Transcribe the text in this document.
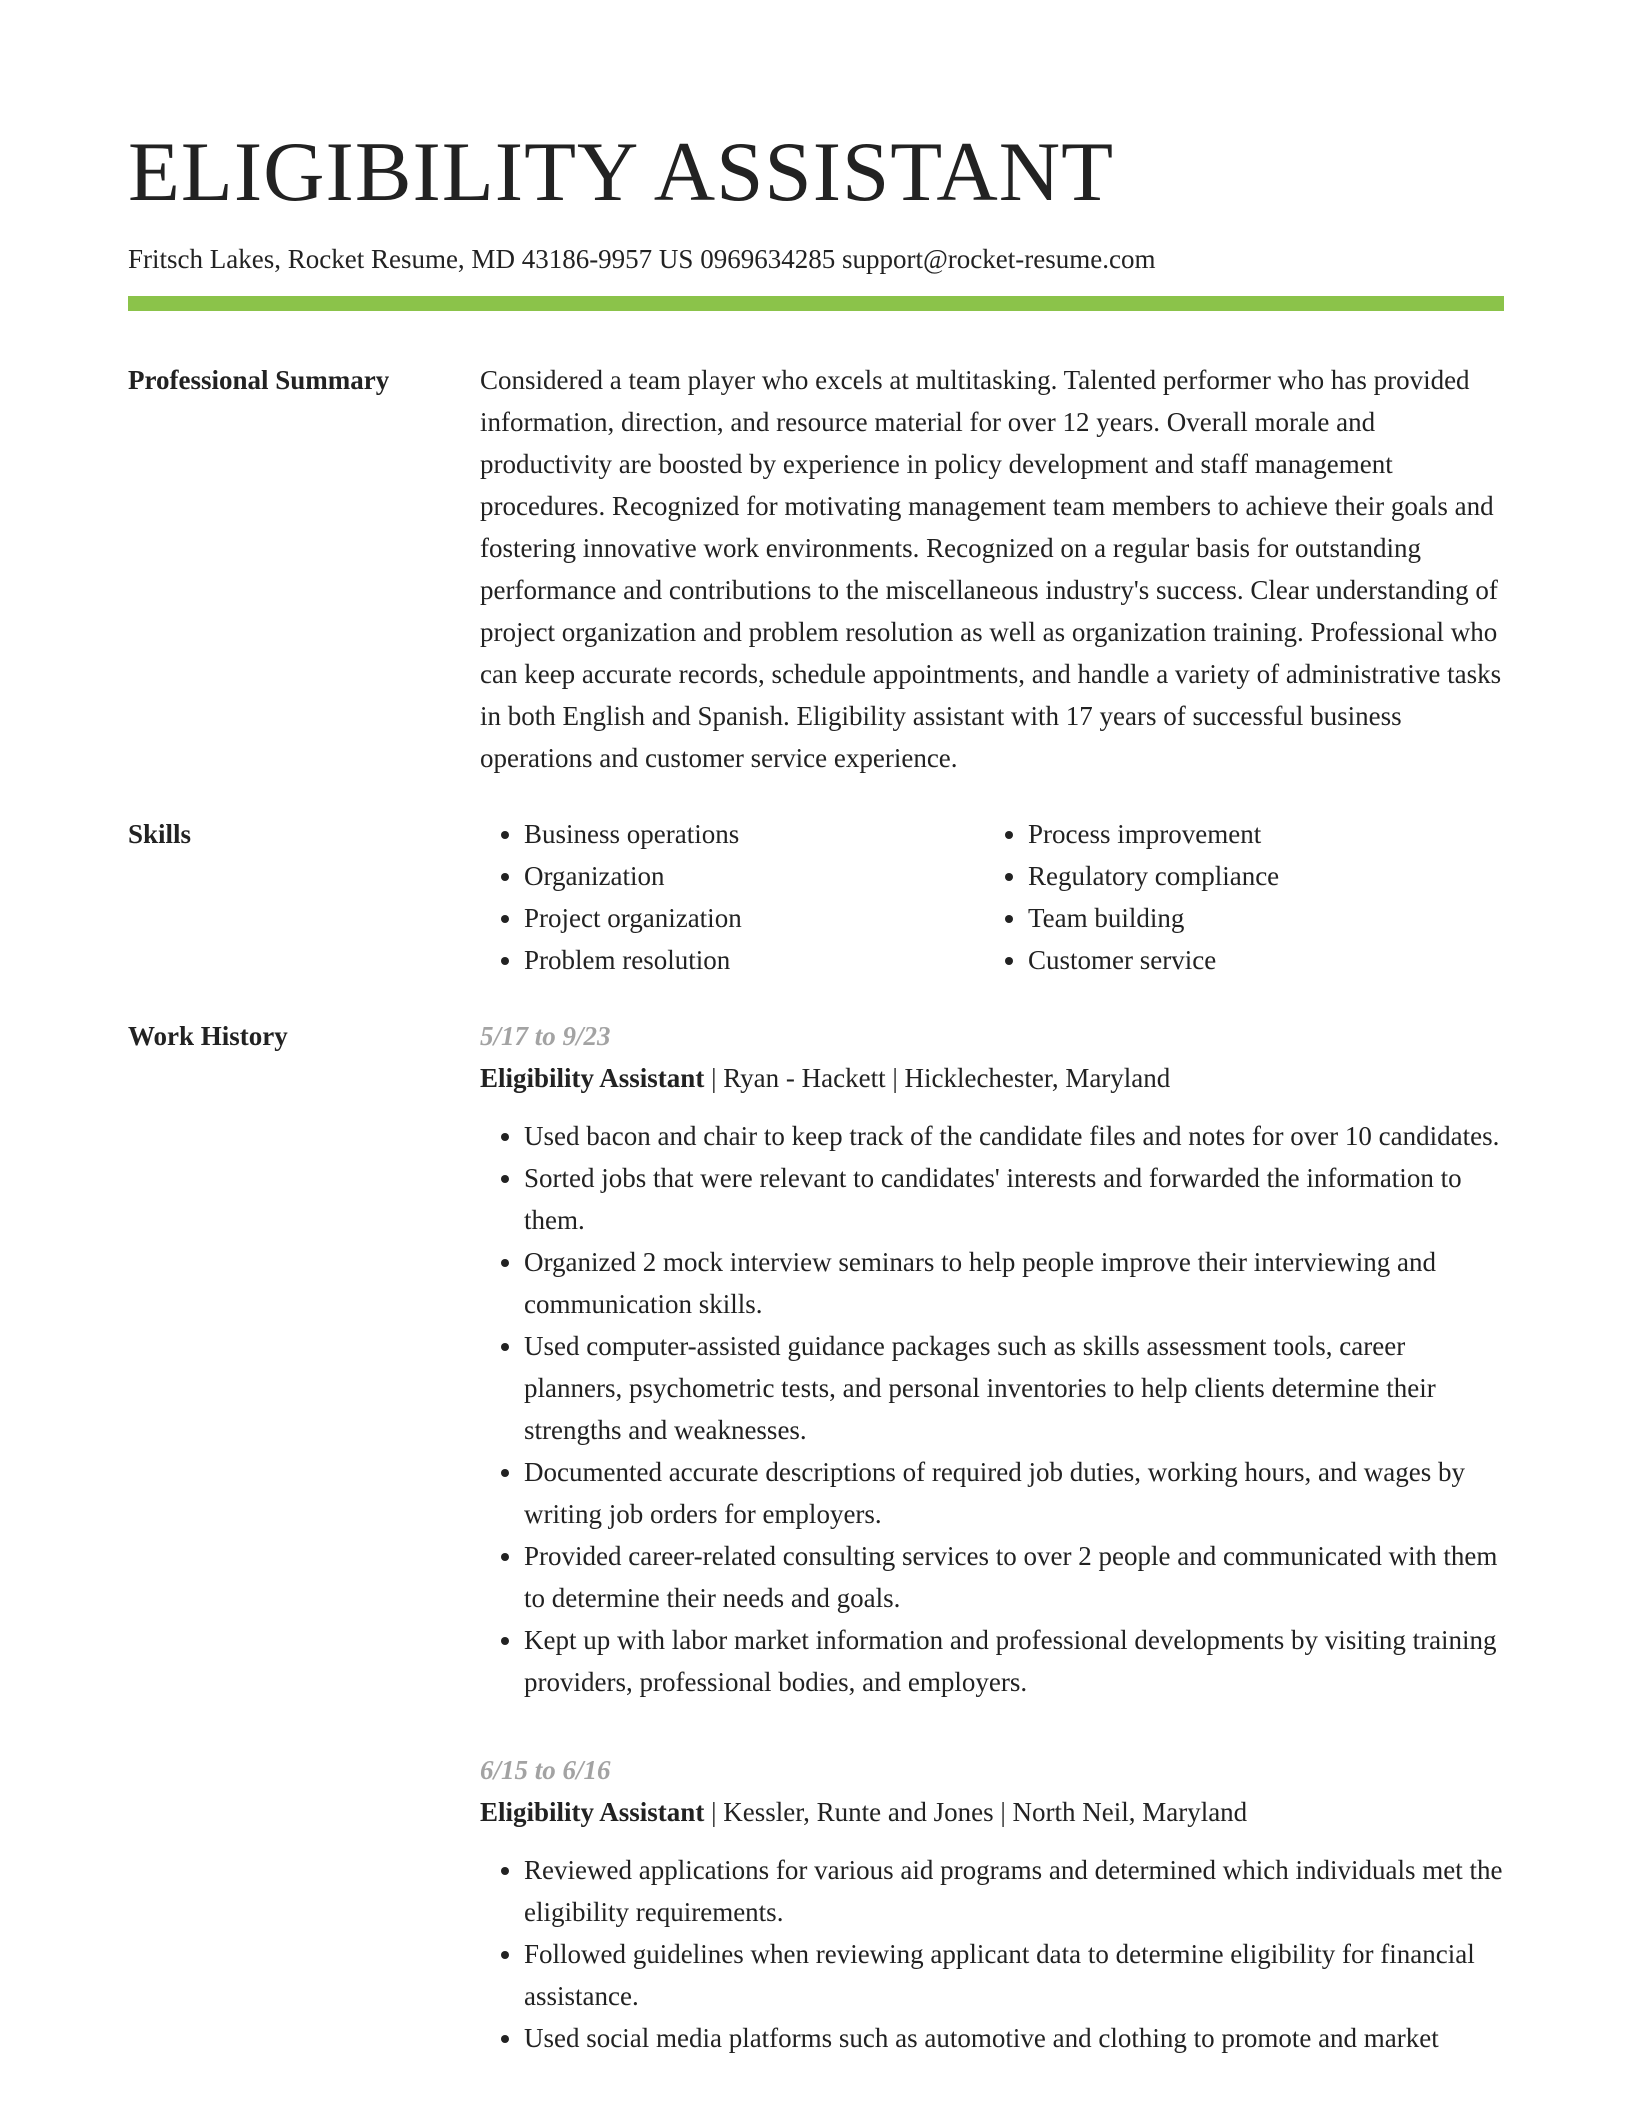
ELIGIBILITY ASSISTANT
Fritsch Lakes, Rocket Resume, MD 43186-9957 US 0969634285 support@rocket-resume.com
Professional Summary	Considered a team player who excels at multitasking. Talented performer who has provided information, direction, and resource material for over 12 years. Overall morale and productivity are boosted by experience in policy development and staff management procedures. Recognized for motivating management team members to achieve their goals and fostering innovative work environments. Recognized on a regular basis for outstanding performance and contributions to the miscellaneous industry's success. Clear understanding of project organization and problem resolution as well as organization training. Professional who can keep accurate records, schedule appointments, and handle a variety of administrative tasks in both English and Spanish. Eligibility assistant with 17 years of successful business operations and customer service experience.

Skills
•	Business operations
• Organization
• Project organization
• Problem resolution
• Process improvement
• Regulatory compliance
• Team building
• Customer service
Work History	5/17 to 9/23
Eligibility Assistant | Ryan - Hackett | Hicklechester, Maryland
• Used bacon and chair to keep track of the candidate files and notes for over 10 candidates.
• Sorted jobs that were relevant to candidates' interests and forwarded the information to them.
• Organized 2 mock interview seminars to help people improve their interviewing and communication skills.
• Used computer-assisted guidance packages such as skills assessment tools, career planners, psychometric tests, and personal inventories to help clients determine their strengths and weaknesses.
• Documented accurate descriptions of required job duties, working hours, and wages by writing job orders for employers.
• Provided career-related consulting services to over 2 people and communicated with them to determine their needs and goals.
• Kept up with labor market information and professional developments by visiting training providers, professional bodies, and employers.
6/15 to 6/16
Eligibility Assistant | Kessler, Runte and Jones | North Neil, Maryland
• Reviewed applications for various aid programs and determined which individuals met the eligibility requirements.
• Followed guidelines when reviewing applicant data to determine eligibility for financial assistance.
• Used social media platforms such as automotive and clothing to promote and market
